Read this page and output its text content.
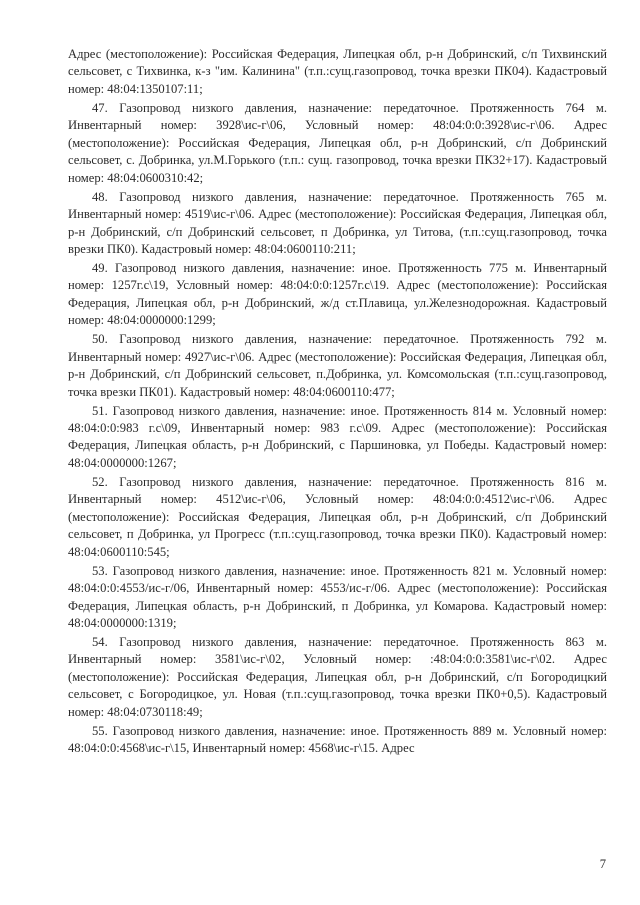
Адрес (местоположение): Российская Федерация, Липецкая обл, р-н Добринский, с/п Тихвинский сельсовет, с Тихвинка, к-з "им. Калинина" (т.п.:сущ.газопровод, точка врезки ПК04). Кадастровый номер: 48:04:1350107:11;

47. Газопровод низкого давления, назначение: передаточное. Протяженность 764 м. Инвентарный номер: 3928\ис-г\06, Условный номер: 48:04:0:0:3928\ис-г\06. Адрес (местоположение): Российская Федерация, Липецкая обл, р-н Добринский, с/п Добринский сельсовет, с. Добринка, ул.М.Горького (т.п.: сущ. газопровод, точка врезки ПК32+17). Кадастровый номер: 48:04:0600310:42;

48. Газопровод низкого давления, назначение: передаточное. Протяженность 765 м. Инвентарный номер: 4519\ис-г\06. Адрес (местоположение): Российская Федерация, Липецкая обл, р-н Добринский, с/п Добринский сельсовет, п Добринка, ул Титова, (т.п.:сущ.газопровод, точка врезки ПК0). Кадастровый номер: 48:04:0600110:211;

49. Газопровод низкого давления, назначение: иное. Протяженность 775 м. Инвентарный номер: 1257г.с\19, Условный номер: 48:04:0:0:1257г.с\19. Адрес (местоположение): Российская Федерация, Липецкая обл, р-н Добринский, ж/д ст.Плавица, ул.Железнодорожная. Кадастровый номер: 48:04:0000000:1299;

50. Газопровод низкого давления, назначение: передаточное. Протяженность 792 м. Инвентарный номер: 4927\ис-г\06. Адрес (местоположение): Российская Федерация, Липецкая обл, р-н Добринский, с/п Добринский сельсовет, п.Добринка, ул. Комсомольская (т.п.:сущ.газопровод, точка врезки ПК01). Кадастровый номер: 48:04:0600110:477;

51. Газопровод низкого давления, назначение: иное. Протяженность 814 м. Условный номер: 48:04:0:0:983 г.с\09, Инвентарный номер: 983 г.с\09. Адрес (местоположение): Российская Федерация, Липецкая область, р-н Добринский, с Паршиновка, ул Победы. Кадастровый номер: 48:04:0000000:1267;

52. Газопровод низкого давления, назначение: передаточное. Протяженность 816 м. Инвентарный номер: 4512\ис-г\06, Условный номер: 48:04:0:0:4512\ис-г\06. Адрес (местоположение): Российская Федерация, Липецкая обл, р-н Добринский, с/п Добринский сельсовет, п Добринка, ул Прогресс (т.п.:сущ.газопровод, точка врезки ПК0). Кадастровый номер: 48:04:0600110:545;

53. Газопровод низкого давления, назначение: иное. Протяженность 821 м. Условный номер: 48:04:0:0:4553/ис-г/06, Инвентарный номер: 4553/ис-г/06. Адрес (местоположение): Российская Федерация, Липецкая область, р-н Добринский, п Добринка, ул Комарова. Кадастровый номер: 48:04:0000000:1319;

54. Газопровод низкого давления, назначение: передаточное. Протяженность 863 м. Инвентарный номер: 3581\ис-г\02, Условный номер: :48:04:0:0:3581\ис-г\02. Адрес (местоположение): Российская Федерация, Липецкая обл, р-н Добринский, с/п Богородицкий сельсовет, с Богородицкое, ул. Новая (т.п.:сущ.газопровод, точка врезки ПК0+0,5). Кадастровый номер: 48:04:0730118:49;

55. Газопровод низкого давления, назначение: иное. Протяженность 889 м. Условный номер: 48:04:0:0:4568\ис-г\15, Инвентарный номер: 4568\ис-г\15. Адрес

7
